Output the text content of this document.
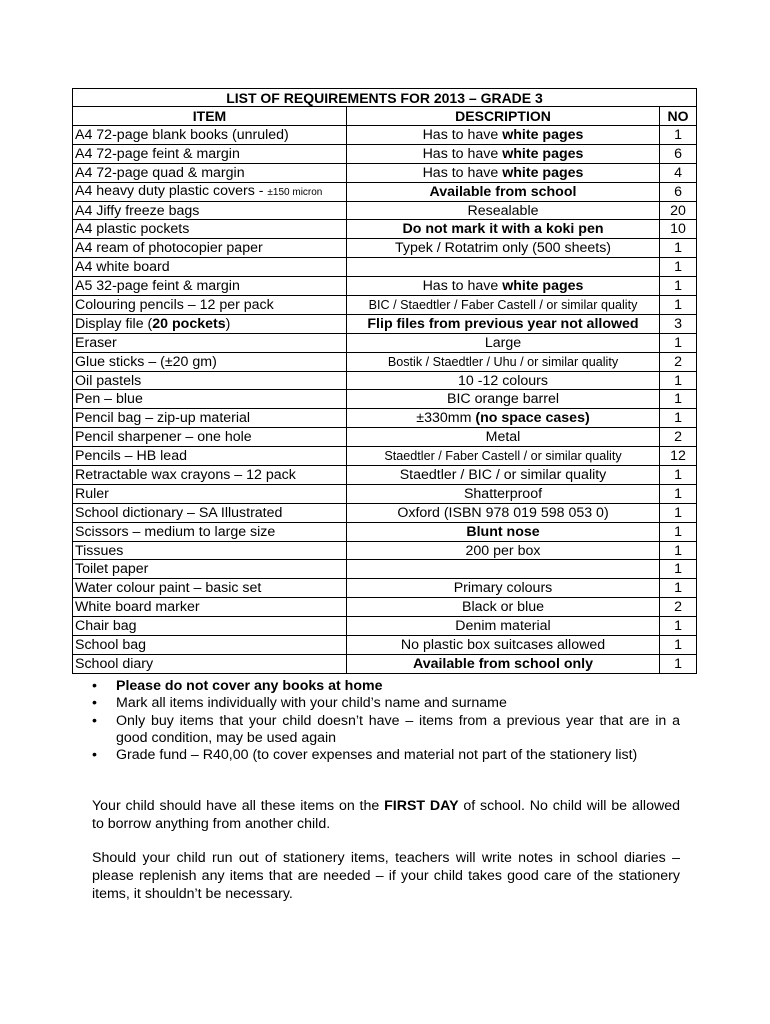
LIST OF REQUIREMENTS FOR 2013 – GRADE 3		
ITEM	DESCRIPTION	NO
A4 72-page blank books (unruled)	Has to have white pages	1
A4 72-page feint & margin	Has to have white pages	6
A4 72-page quad & margin	Has to have white pages	4
A4 heavy duty plastic covers - ±150 micron	Available from school	6
A4 Jiffy freeze bags	Resealable	20
A4 plastic pockets	Do not mark it with a koki pen	10
A4 ream of photocopier paper	Typek / Rotatrim only (500 sheets)	1
A4 white board		1
A5 32-page feint & margin	Has to have white pages	1
Colouring pencils – 12 per pack	BIC / Staedtler / Faber Castell / or similar quality	1
Display file (20 pockets)	Flip files from previous year not allowed	3
Eraser	Large	1
Glue sticks – (±20 gm)	Bostik / Staedtler / Uhu / or similar quality	2
Oil pastels	10 -12 colours	1
Pen – blue	BIC orange barrel	1
Pencil bag – zip-up material	±330mm (no space cases)	1
Pencil sharpener – one hole	Metal	2
Pencils – HB lead	Staedtler / Faber Castell / or similar quality	12
Retractable wax crayons – 12 pack	Staedtler / BIC / or similar quality	1
Ruler	Shatterproof	1
School dictionary – SA Illustrated	Oxford (ISBN 978 019 598 053 0)	1
Scissors – medium to large size	Blunt nose	1
Tissues	200 per box	1
Toilet paper		1
Water colour paint – basic set	Primary colours	1
White board marker	Black or blue	2
Chair bag	Denim material	1
School bag	No plastic box suitcases allowed	1
School diary	Available from school only	1
• Please do not cover any books at home
• Mark all items individually with your child’s name and surname
• Only buy items that your child doesn’t have – items from a previous year that are in a good condition, may be used again
• Grade fund – R40,00 (to cover expenses and material not part of the stationery list)

Your child should have all these items on the FIRST DAY of school. No child will be allowed to borrow anything from another child.

Should your child run out of stationery items, teachers will write notes in school diaries – please replenish any items that are needed – if your child takes good care of the stationery items, it shouldn’t be necessary.
